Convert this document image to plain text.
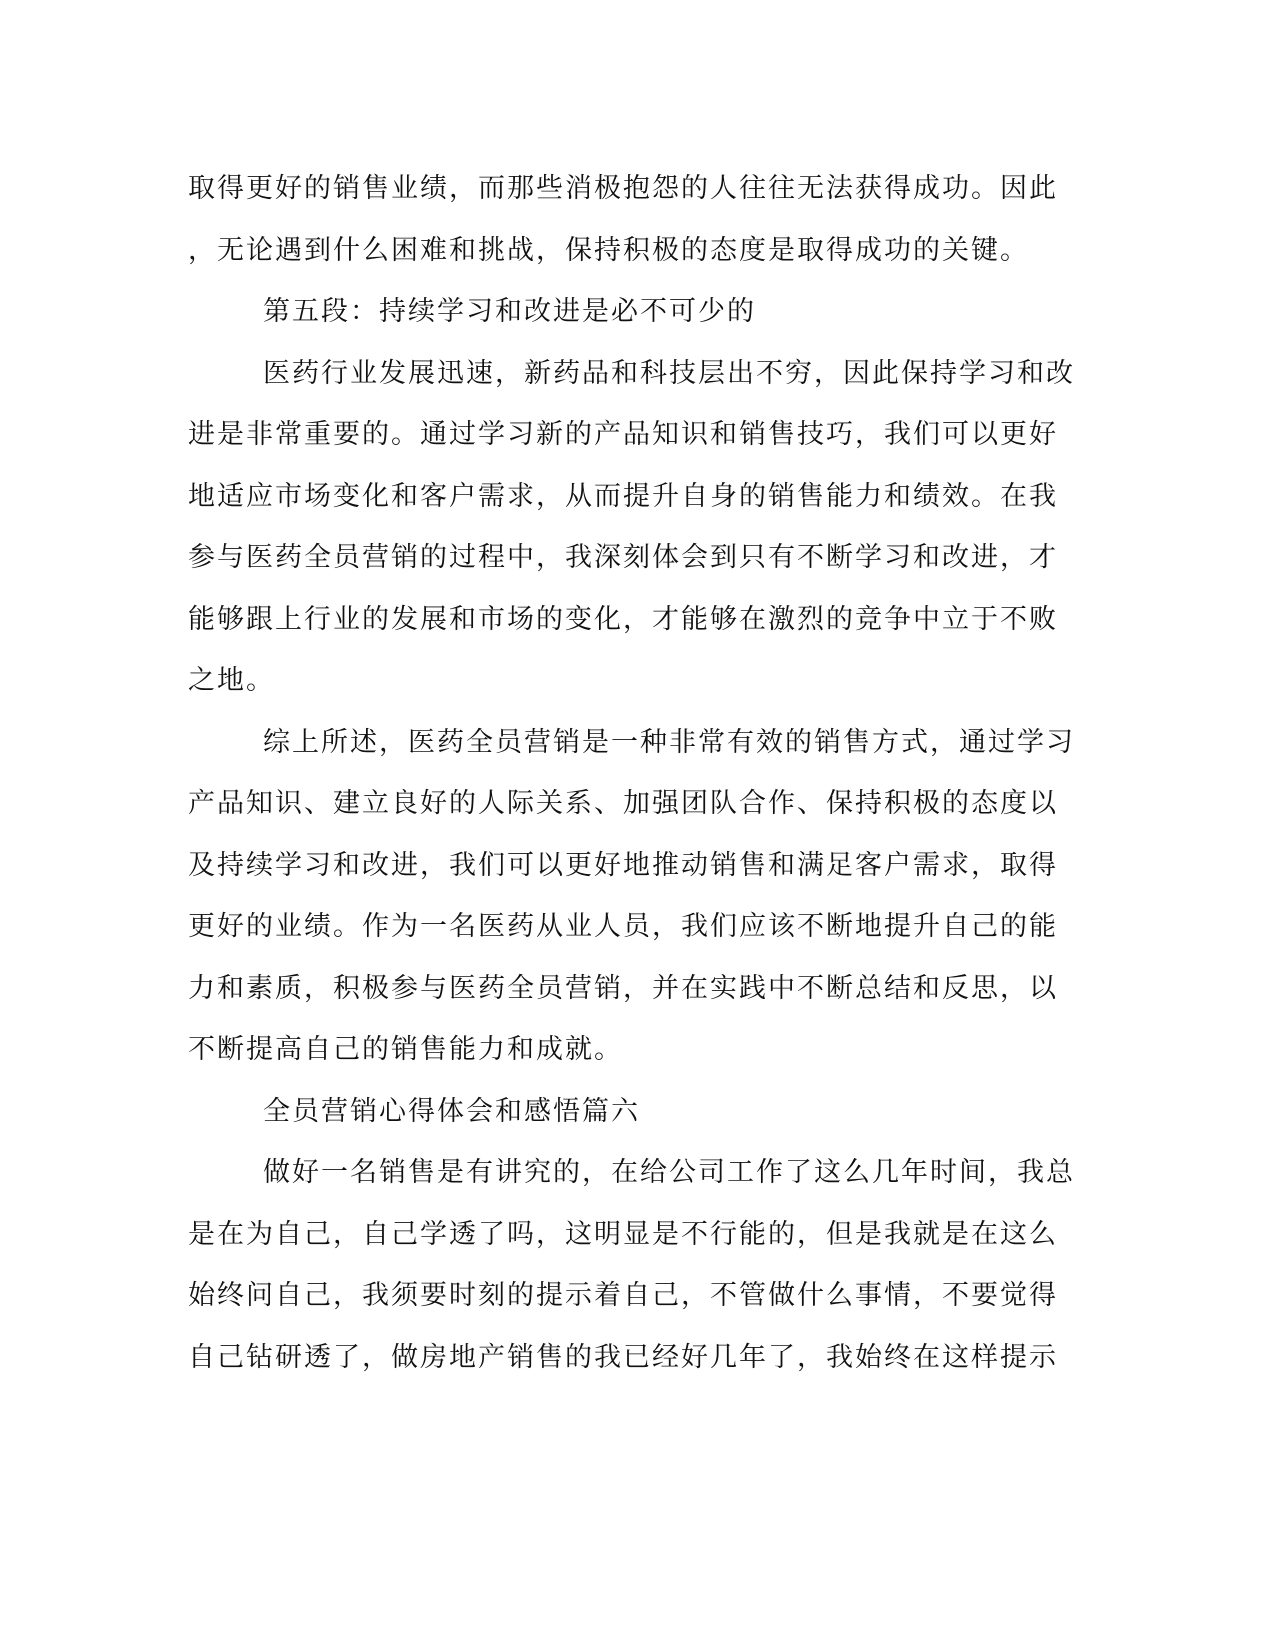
取得更好的销售业绩，而那些消极抱怨的人往往无法获得成功。因此
，无论遇到什么困难和挑战，保持积极的态度是取得成功的关键。
第五段：持续学习和改进是必不可少的
医药行业发展迅速，新药品和科技层出不穷，因此保持学习和改
进是非常重要的。通过学习新的产品知识和销售技巧，我们可以更好
地适应市场变化和客户需求，从而提升自身的销售能力和绩效。在我
参与医药全员营销的过程中，我深刻体会到只有不断学习和改进，才
能够跟上行业的发展和市场的变化，才能够在激烈的竞争中立于不败
之地。
综上所述，医药全员营销是一种非常有效的销售方式，通过学习
产品知识、建立良好的人际关系、加强团队合作、保持积极的态度以
及持续学习和改进，我们可以更好地推动销售和满足客户需求，取得
更好的业绩。作为一名医药从业人员，我们应该不断地提升自己的能
力和素质，积极参与医药全员营销，并在实践中不断总结和反思，以
不断提高自己的销售能力和成就。
全员营销心得体会和感悟篇六
做好一名销售是有讲究的，在给公司工作了这么几年时间，我总
是在为自己，自己学透了吗，这明显是不行能的，但是我就是在这么
始终问自己，我须要时刻的提示着自己，不管做什么事情，不要觉得
自己钻研透了，做房地产销售的我已经好几年了，我始终在这样提示
